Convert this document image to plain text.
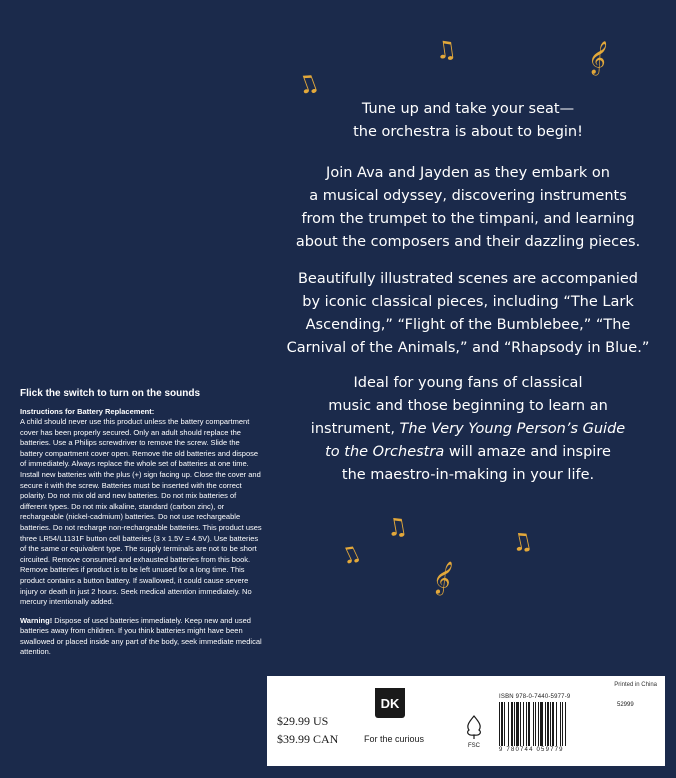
♫
♫
𝄞
♫
♫	♫
𝄞

Tune up and take your seat—

the orchestra is about to begin!

Join Ava and Jayden as they embark on

a musical odyssey, discovering instruments

from the trumpet to the timpani, and learning

about the composers and their dazzling pieces.

Beautifully illustrated scenes are accompanied

by iconic classical pieces, including “The Lark

Ascending,” “Flight of the Bumblebee,” “The

Carnival of the Animals,” and “Rhapsody in Blue.”

Ideal for young fans of classical

music and those beginning to learn an

instrument, The Very Young Person’s Guide

to the Orchestra will amaze and inspire

the maestro-in-making in your life.

Flick the switch to turn on the sounds
Instructions for Battery Replacement:
A child should never use this product unless the battery compartment cover has been properly secured. Only an adult should replace the batteries. Use a Philips screwdriver to remove the screw. Slide the battery compartment cover open. Remove the old batteries and dispose of immediately. Always replace the whole set of batteries at one time. Install new batteries with the plus (+) sign facing up. Close the cover and secure it with the screw. Batteries must be inserted with the correct polarity. Do not mix old and new batteries. Do not mix batteries of different types. Do not mix alkaline, standard (carbon zinc), or rechargeable (nickel-cadmium) batteries. Do not use rechargeable batteries. Do not recharge non-rechargeable batteries. This product uses three LR54/L1131F button cell batteries (3 x 1.5V = 4.5V). Use batteries of the same or equivalent type. The supply terminals are not to be short circuited. Remove consumed and exhausted batteries from this book. Remove batteries if product is to be left unused for a long time. This product contains a button battery. If swallowed, it could cause severe injury or death in just 2 hours. Seek medical attention immediately. No mercury intentionally added.
Warning! Dispose of used batteries immediately. Keep new and used batteries away from children. If you think batteries might have been swallowed or placed inside any part of the body, seek immediate medical attention.
Printed in China
$29.99 US
$39.99 CAN
DK
For the curious
FSC
ISBN 978-0-7440-5977-9
52999
9 780744 059779
